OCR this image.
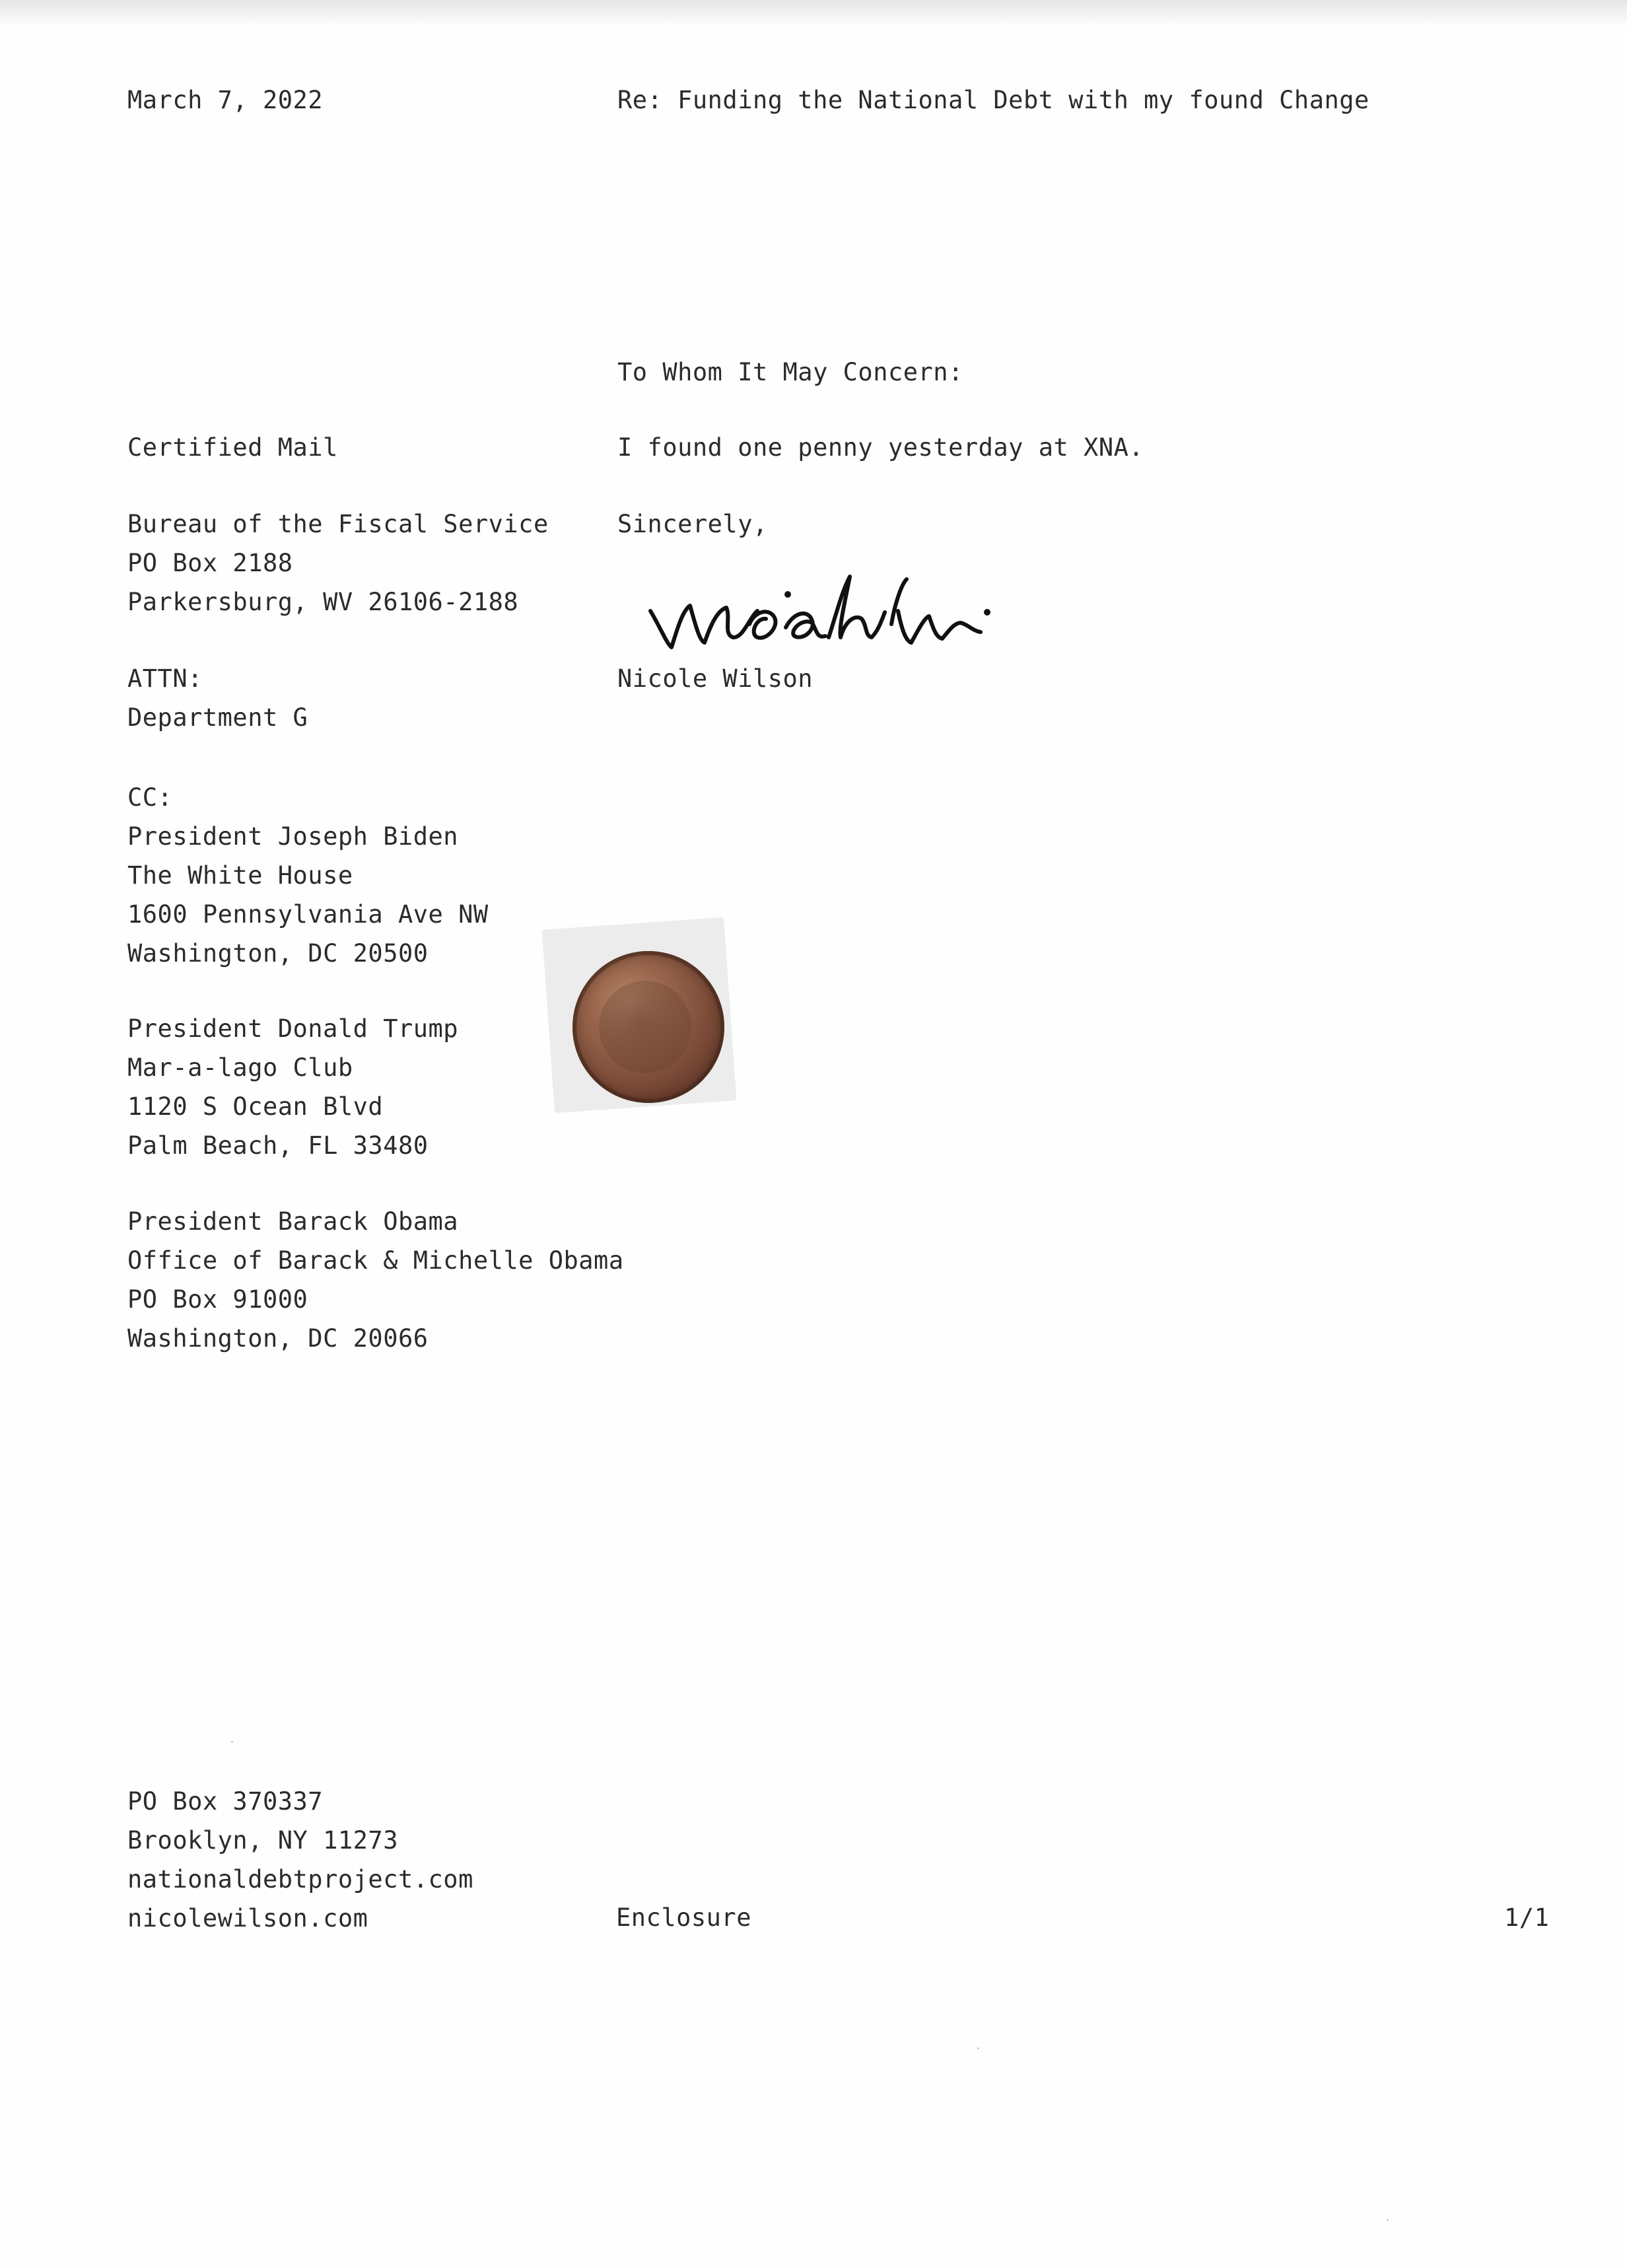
March 7, 2022	Re: Funding the National Debt with my found Change
To Whom It May Concern:
I found one penny yesterday at XNA.
Sincerely,
Nicole Wilson
Certified Mail
Bureau of the Fiscal Service
PO Box 2188
Parkersburg, WV 26106-2188
ATTN:
Department G
CC:
President Joseph Biden
The White House
1600 Pennsylvania Ave NW
Washington, DC 20500
President Donald Trump
Mar-a-lago Club
1120 S Ocean Blvd
Palm Beach, FL 33480
President Barack Obama
Office of Barack & Michelle Obama
PO Box 91000
Washington, DC 20066
PO Box 370337
Brooklyn, NY 11273
nationaldebtproject.com
nicolewilson.com	Enclosure	1/1
